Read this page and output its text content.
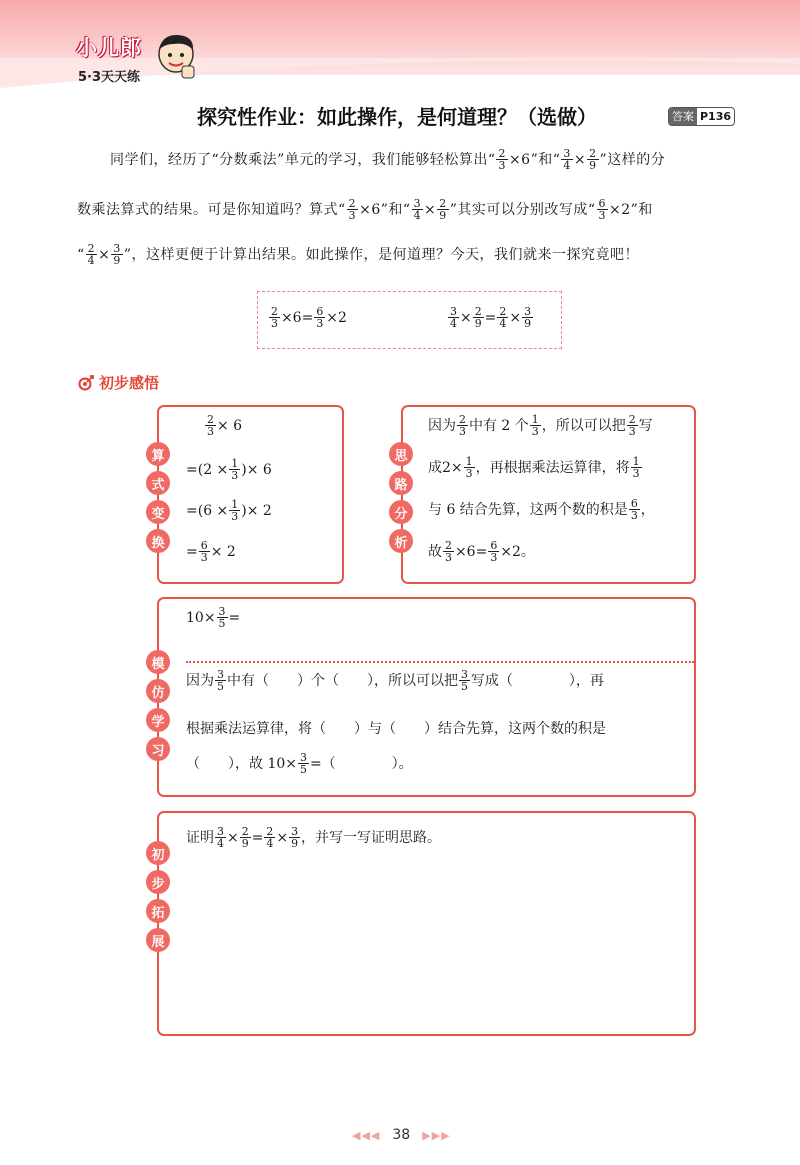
小儿郎
5·3天天练
探究性作业：如此操作，是何道理？（选做）	答案 P136
同学们，经历了“分数乘法”单元的学习，我们能够轻松算出“ $\frac{2}{3} \times 6$”和“ $\frac{3}{4} \times \frac{2}{9}$ ”这样的分
数乘法算式的结果。可是你知道吗？算式“ $\frac{2}{3} \times 6$”和“ $\frac{3}{4} \times \frac{2}{9}$ ”其实可以分别改写成“ $\frac{6}{3} \times 2$”和
“ $\frac{2}{4} \times \frac{3}{9}$ ”，这样更便于计算出结果。如此操作，是何道理？今天，我们就来一探究竟吧！
$\frac{2}{3} \times 6= \frac{6}{3} \times 2$	$\frac{3}{4} \times \frac{2}{9} = \frac{2}{4} \times \frac{3}{9}$
初步感悟
算
式
变
换
$\frac{2}{3} \times 6$
$=(2 \times \frac{1}{3}$ )× 6
$=(6 \times \frac{1}{3}$ )× 2
= $\frac{6}{3} \times 2$
思
路
分
析
因为 $\frac{2}{3}$ 中有 2 个 $\frac{1}{3}$ ，所以可以把 $\frac{2}{3}$ 写
成$2\times \frac{1}{3}$ ，再根据乘法运算律，将 $\frac{1}{3}$
与 6 结合先算，这两个数的积是 $\frac{6}{3}$ ，
故 $\frac{2}{3} \times 6= \frac{6}{3} \times 2$。
模
仿
学
习
$10\times \frac{3}{5}$ =
因为 $\frac{3}{5}$ 中有（　　）个（　　），所以可以把 $\frac{3}{5}$ 写成（　　　　），再
根据乘法运算律，将（　　）与（　　）结合先算，这两个数的积是
（　　），故 $10\times \frac{3}{5}$ =（　　　　）。
初
步
拓
展
证明 $\frac{3}{4} \times \frac{2}{9} = \frac{2}{4} \times \frac{3}{9}$ ，并写一写证明思路。
◀◀◀ 38 ▶▶▶
